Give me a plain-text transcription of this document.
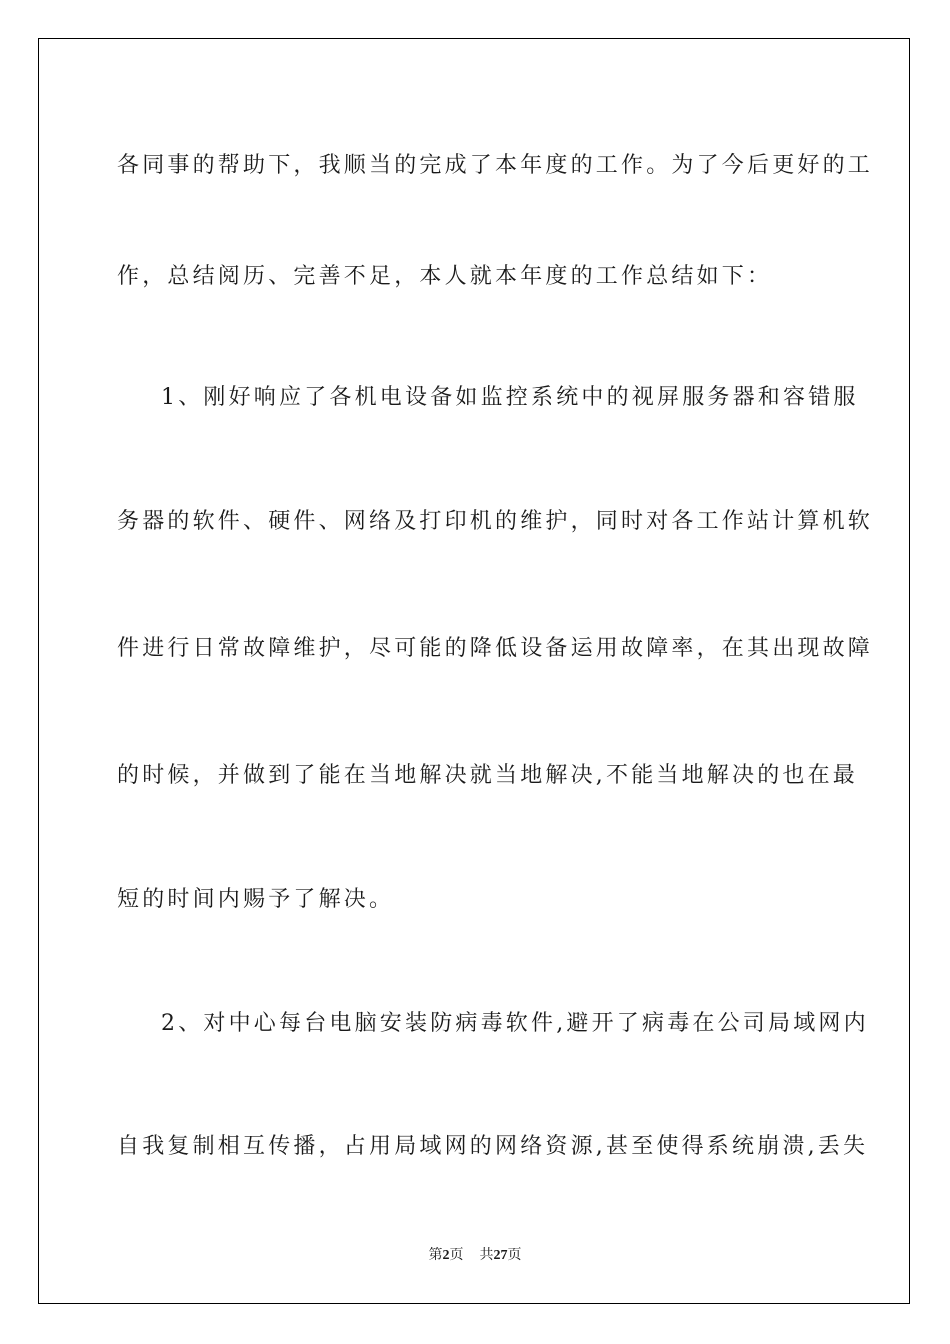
各同事的帮助下，我顺当的完成了本年度的工作。为了今后更好的工
作，总结阅历、完善不足，本人就本年度的工作总结如下：
1、刚好响应了各机电设备如监控系统中的视屏服务器和容错服
务器的软件、硬件、网络及打印机的维护，同时对各工作站计算机软
件进行日常故障维护，尽可能的降低设备运用故障率，在其出现故障
的时候，并做到了能在当地解决就当地解决,不能当地解决的也在最
短的时间内赐予了解决。
2、对中心每台电脑安装防病毒软件,避开了病毒在公司局域网内
自我复制相互传播，占用局域网的网络资源,甚至使得系统崩溃,丢失
第2页 共27页
